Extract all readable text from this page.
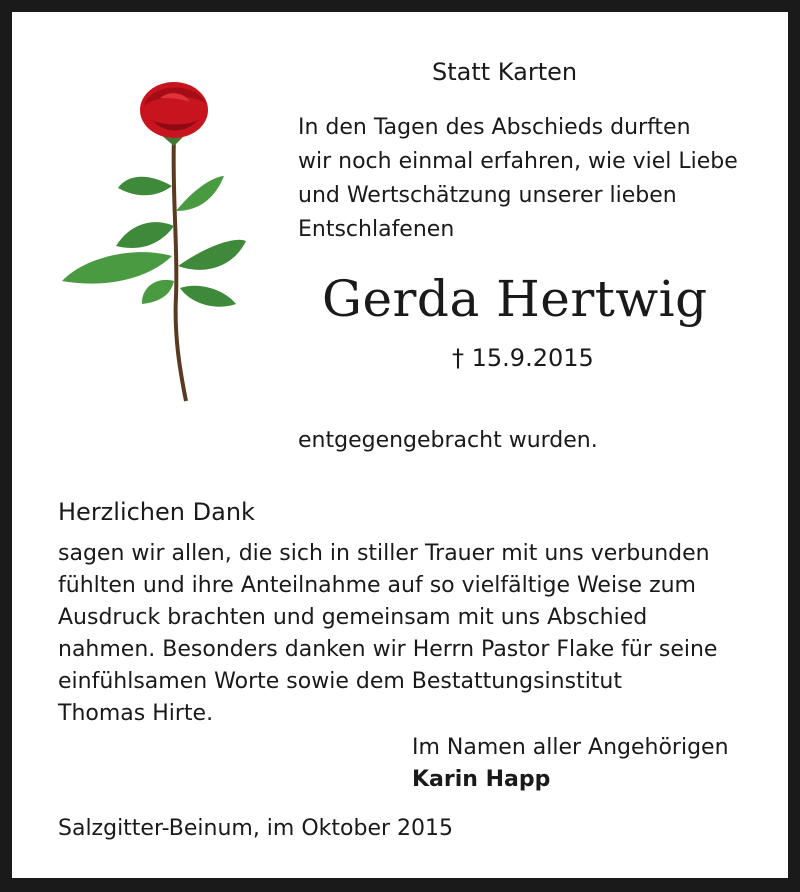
Statt Karten
In den Tagen des Abschieds durften
wir noch einmal erfahren, wie viel Liebe
und Wertschätzung unserer lieben
Entschlafenen
Gerda Hertwig
† 15.9.2015
entgegengebracht wurden.
Herzlichen Dank
sagen wir allen, die sich in stiller Trauer mit uns verbunden
fühlten und ihre Anteilnahme auf so vielfältige Weise zum
Ausdruck brachten und gemeinsam mit uns Abschied
nahmen. Besonders danken wir Herrn Pastor Flake für seine
einfühlsamen Worte sowie dem Bestattungsinstitut
Thomas Hirte.
Im Namen aller Angehörigen
Karin Happ
Salzgitter-Beinum, im Oktober 2015
